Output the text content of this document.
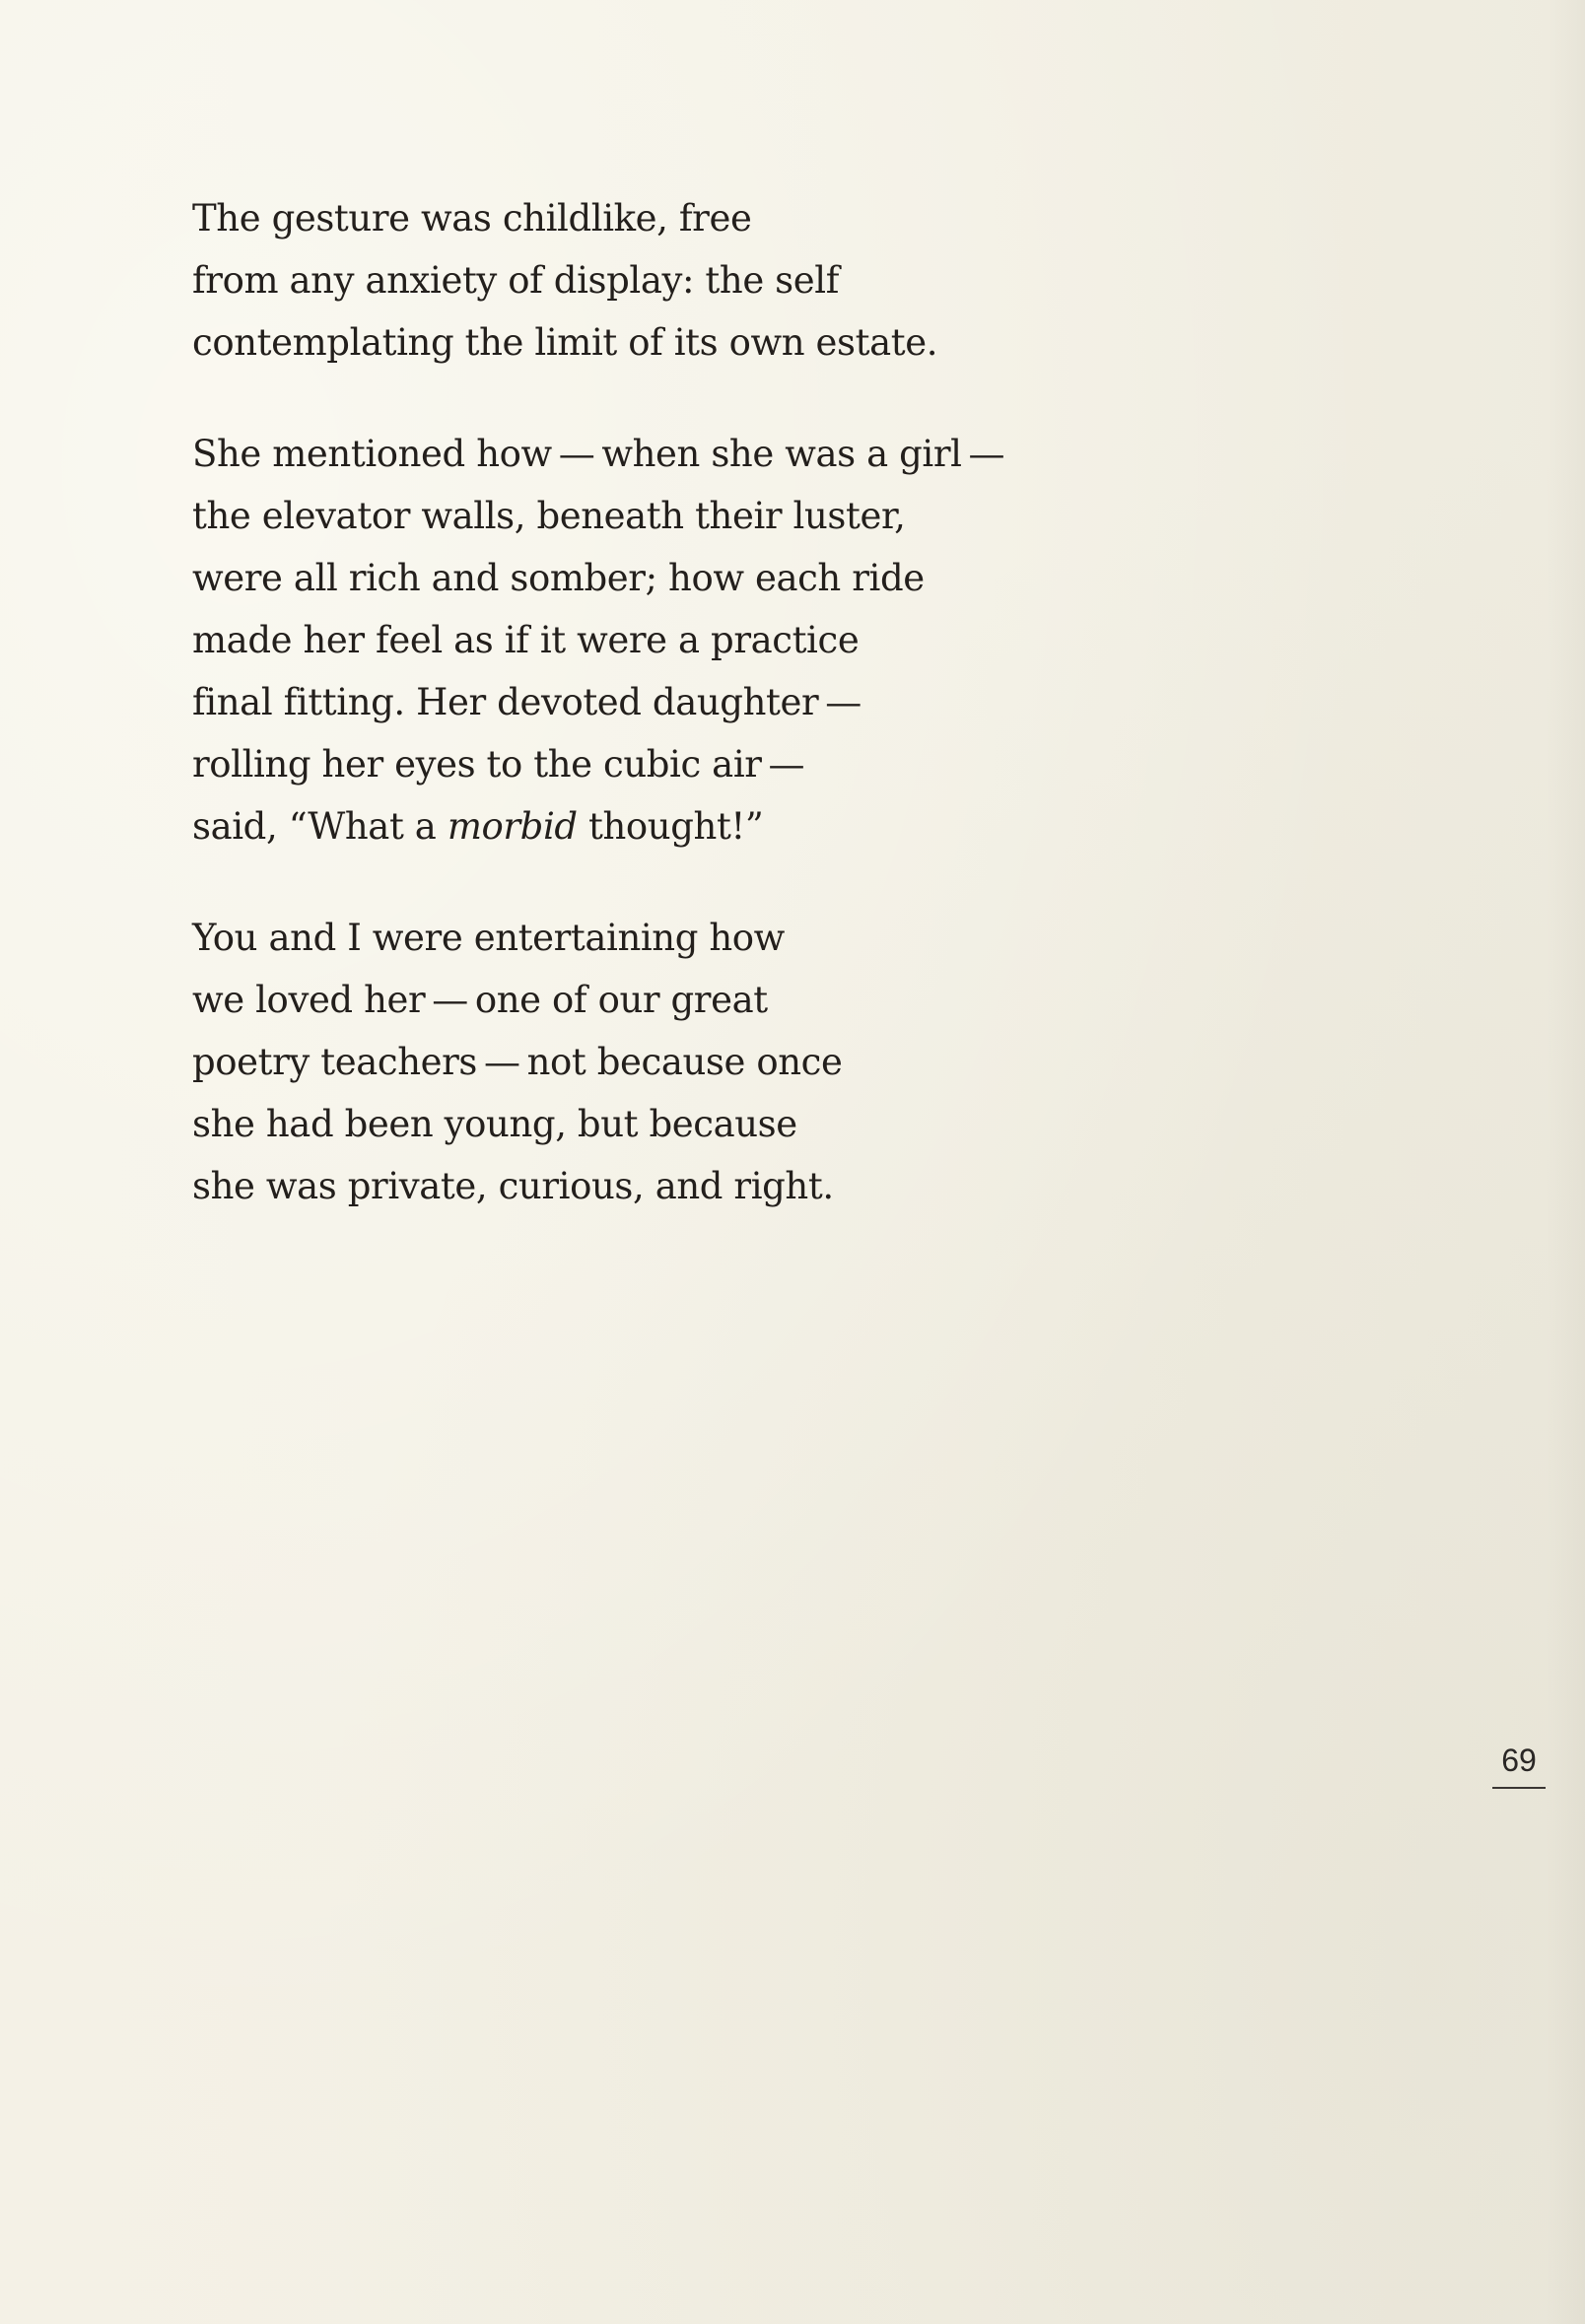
The gesture was childlike, free
from any anxiety of display: the self
contemplating the limit of its own estate.
She mentioned how — when she was a girl —
the elevator walls, beneath their luster,
were all rich and somber; how each ride
made her feel as if it were a practice
final fitting. Her devoted daughter —
rolling her eyes to the cubic air —
said, “What a morbid thought!”
You and I were entertaining how
we loved her — one of our great
poetry teachers — not because once
she had been young, but because
she was private, curious, and right.
69
